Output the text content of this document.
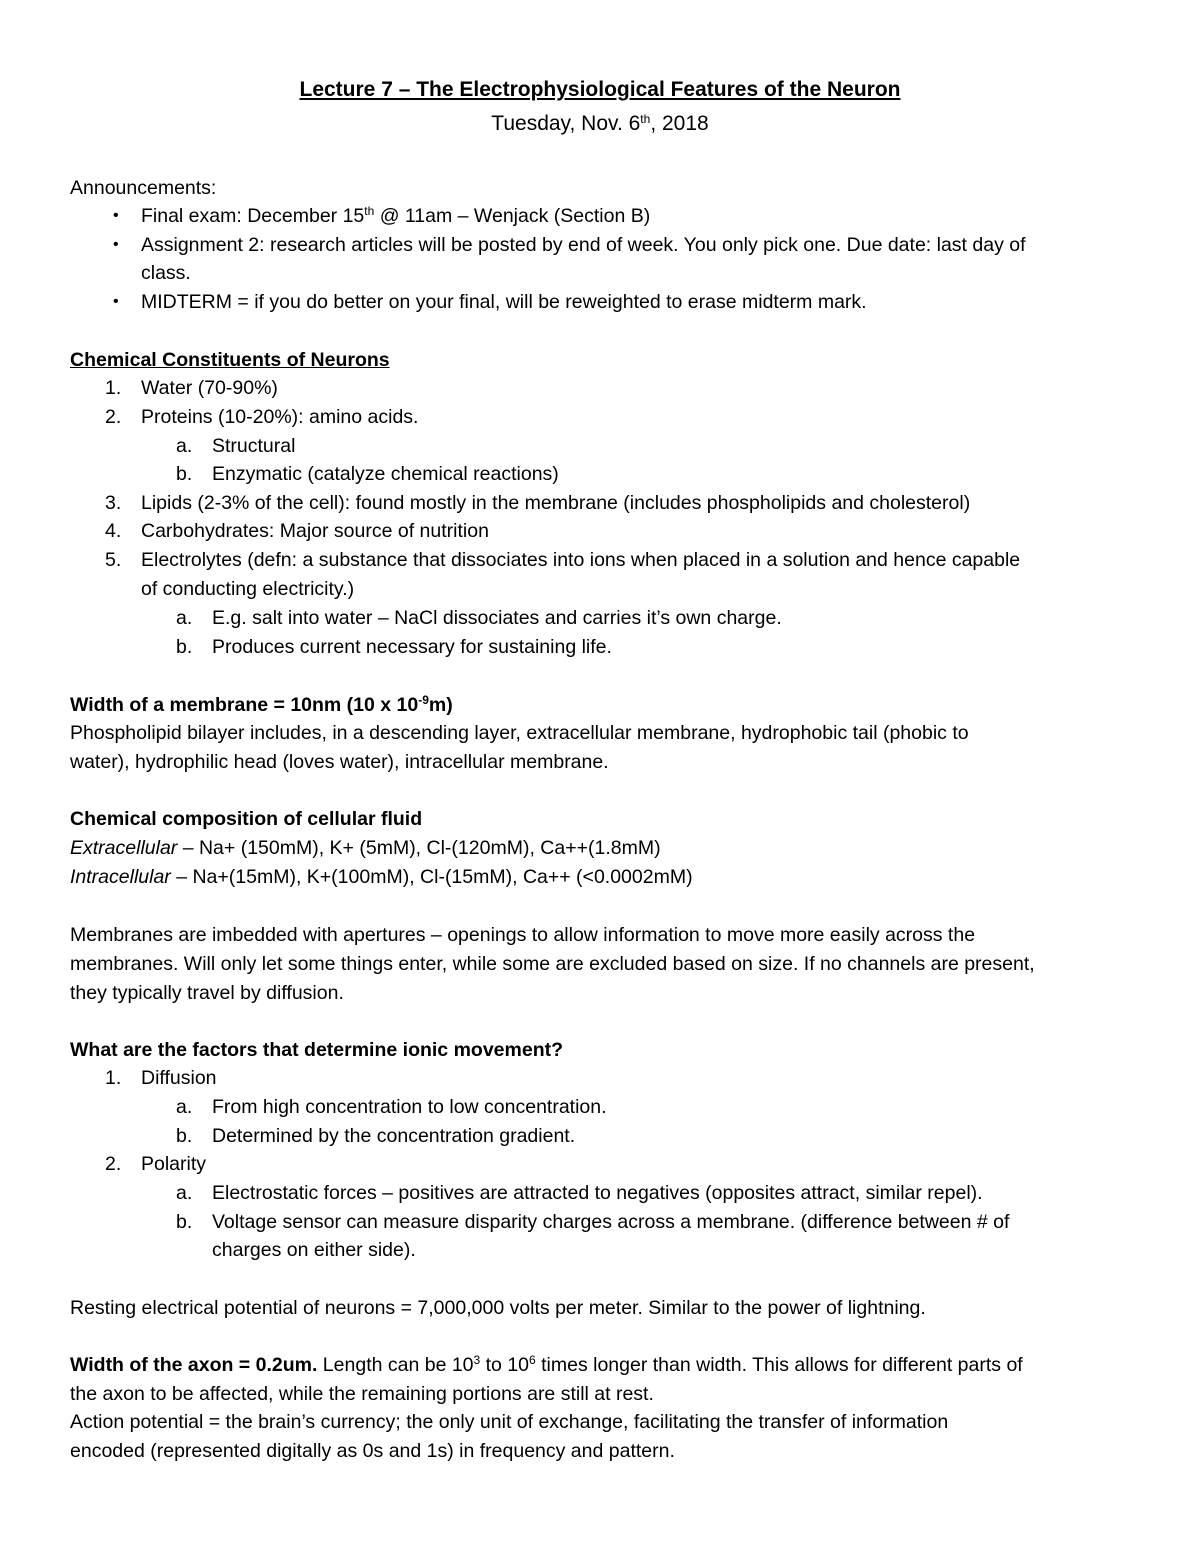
Lecture 7 – The Electrophysiological Features of the Neuron
Tuesday, Nov. 6th, 2018
Announcements:
• Final exam: December 15th @ 11am – Wenjack (Section B)
• Assignment 2: research articles will be posted by end of week. You only pick one. Due date: last day of
class.
• MIDTERM = if you do better on your final, will be reweighted to erase midterm mark.
Chemical Constituents of Neurons
1. Water (70-90%)
2. Proteins (10-20%): amino acids.
a. Structural
b. Enzymatic (catalyze chemical reactions)
3. Lipids (2-3% of the cell): found mostly in the membrane (includes phospholipids and cholesterol)
4. Carbohydrates: Major source of nutrition
5. Electrolytes (defn: a substance that dissociates into ions when placed in a solution and hence capable
of conducting electricity.)
a. E.g. salt into water – NaCl dissociates and carries it’s own charge.
b. Produces current necessary for sustaining life.
Width of a membrane = 10nm (10 x $10^{-9}m$)
Phospholipid bilayer includes, in a descending layer, extracellular membrane, hydrophobic tail (phobic to
water), hydrophilic head (loves water), intracellular membrane.
Chemical composition of cellular fluid
Extracellular – Na+ (150mM), K+ (5mM), Cl-(120mM), Ca++(1.8mM)
Intracellular – Na+(15mM), K+(100mM), Cl-(15mM), Ca++ (<0.0002mM)
Membranes are imbedded with apertures – openings to allow information to move more easily across the
membranes. Will only let some things enter, while some are excluded based on size. If no channels are present,
they typically travel by diffusion.
What are the factors that determine ionic movement?
1. Diffusion
a. From high concentration to low concentration.
b. Determined by the concentration gradient.
2. Polarity
a. Electrostatic forces – positives are attracted to negatives (opposites attract, similar repel).
b. Voltage sensor can measure disparity charges across a membrane. (difference between # of
charges on either side).
Resting electrical potential of neurons = 7,000,000 volts per meter. Similar to the power of lightning.
Width of the axon = 0.2um. Length can be $10^3$ to $10^6$ times longer than width. This allows for different parts of
the axon to be affected, while the remaining portions are still at rest.
Action potential = the brain’s currency; the only unit of exchange, facilitating the transfer of information
encoded (represented digitally as 0s and 1s) in frequency and pattern.
